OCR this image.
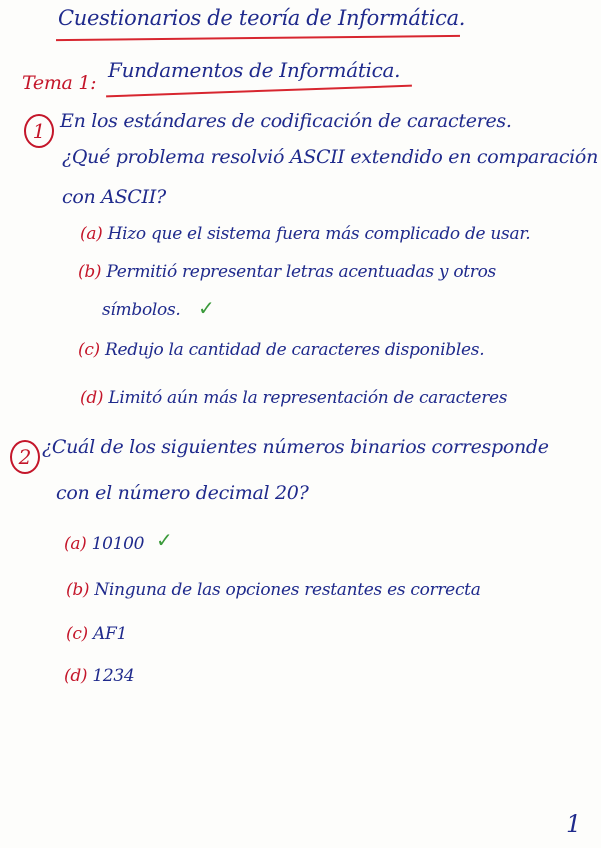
Cuestionarios de teoría de Informática.
Tema 1:
Fundamentos de Informática.
1 En los estándares de codificación de caracteres.
¿Qué problema resolvió ASCII extendido en comparación
con ASCII?
(a) Hizo que el sistema fuera más complicado de usar.
(b) Permitió representar letras acentuadas y otros
símbolos. ✓
(c) Redujo la cantidad de caracteres disponibles.
(d) Limitó aún más la representación de caracteres
2 ¿Cuál de los siguientes números binarios corresponde
con el número decimal 20?
(a) 10100 ✓
(b) Ninguna de las opciones restantes es correcta
(c) AF1
(d) 1234
1
